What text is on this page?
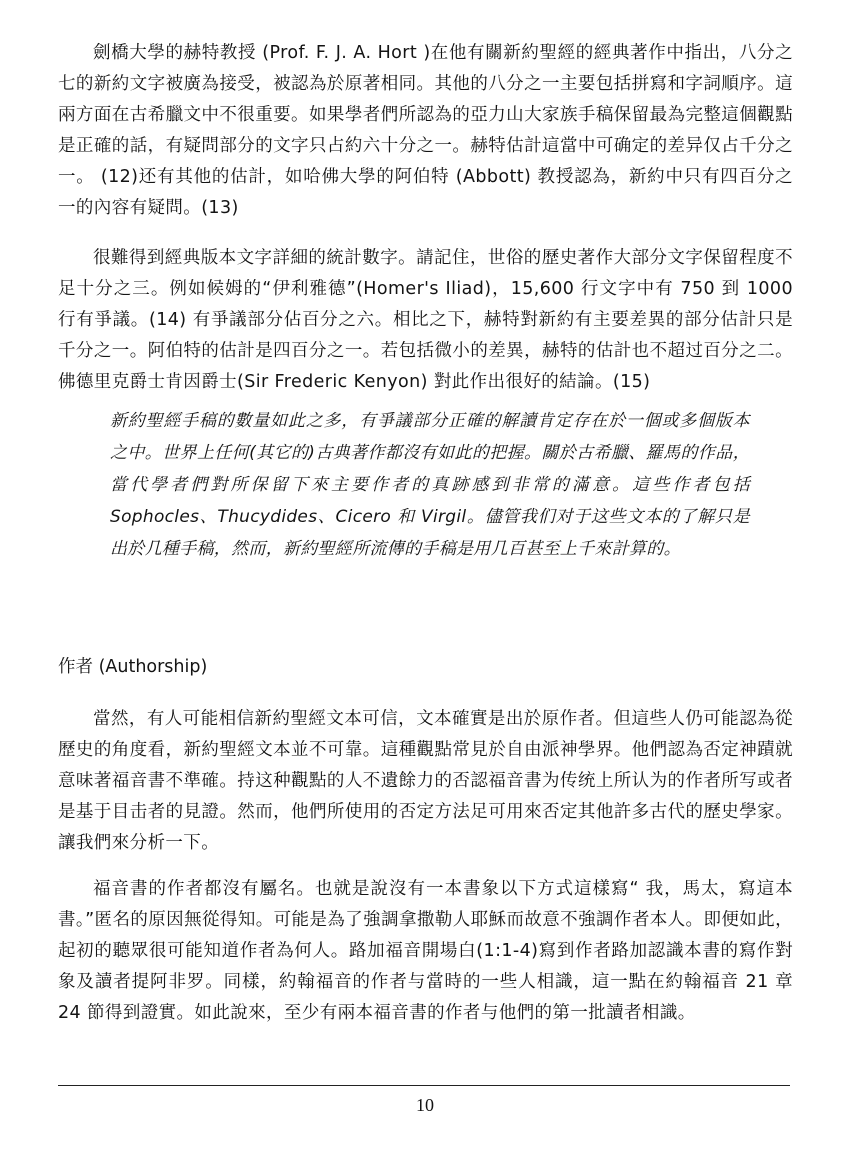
劍橋大學的赫特教授 (Prof. F. J. A. Hort )在他有關新約聖經的經典著作中指出，八分之七的新約文字被廣為接受，被認為於原著相同。其他的八分之一主要包括拼寫和字詞順序。這兩方面在古希臘文中不很重要。如果學者們所認為的亞力山大家族手稿保留最為完整這個觀點是正確的話，有疑問部分的文字只占約六十分之一。赫特估計這當中可确定的差异仅占千分之一。 (12)还有其他的估計，如哈佛大學的阿伯特 (Abbott) 教授認為，新約中只有四百分之一的內容有疑問。(13)

很難得到經典版本文字詳細的統計數字。請記住，世俗的歷史著作大部分文字保留程度不足十分之三。例如候姆的“伊利雅德”(Homer's Iliad)，15,600 行文字中有 750 到 1000 行有爭議。(14) 有爭議部分佔百分之六。相比之下，赫特對新約有主要差異的部分估計只是千分之一。阿伯特的估計是四百分之一。若包括微小的差異，赫特的估計也不超过百分之二。佛德里克爵士肯因爵士(Sir Frederic Kenyon) 對此作出很好的結論。(15)

新約聖經手稿的數量如此之多，有爭議部分正確的解讀肯定存在於一個或多個版本之中。世界上任何(其它的)古典著作都沒有如此的把握。關於古希臘、羅馬的作品，當代學者們對所保留下來主要作者的真跡感到非常的滿意。這些作者包括 Sophocles、Thucydides、Cicero 和 Virgil。儘管我们对于这些文本的了解只是出於几種手稿，然而，新約聖經所流傳的手稿是用几百甚至上千來計算的。

作者 (Authorship)

當然，有人可能相信新約聖經文本可信，文本確實是出於原作者。但這些人仍可能認為從歷史的角度看，新約聖經文本並不可靠。這種觀點常見於自由派神學界。他們認為否定神蹟就意味著福音書不準確。持这种觀點的人不遺餘力的否認福音書为传统上所认为的作者所写或者是基于目击者的見證。然而，他們所使用的否定方法足可用來否定其他許多古代的歷史學家。讓我們來分析一下。

福音書的作者都沒有屬名。也就是說沒有一本書象以下方式這樣寫“ 我，馬太，寫這本書。”匿名的原因無從得知。可能是為了強調拿撒勒人耶穌而故意不強調作者本人。即便如此，起初的聽眾很可能知道作者為何人。路加福音開場白(1:1-4)寫到作者路加認識本書的寫作對象及讀者提阿非罗。同樣，約翰福音的作者与當時的一些人相識，這一點在約翰福音 21 章 24 節得到證實。如此說來，至少有兩本福音書的作者与他們的第一批讀者相識。

10
